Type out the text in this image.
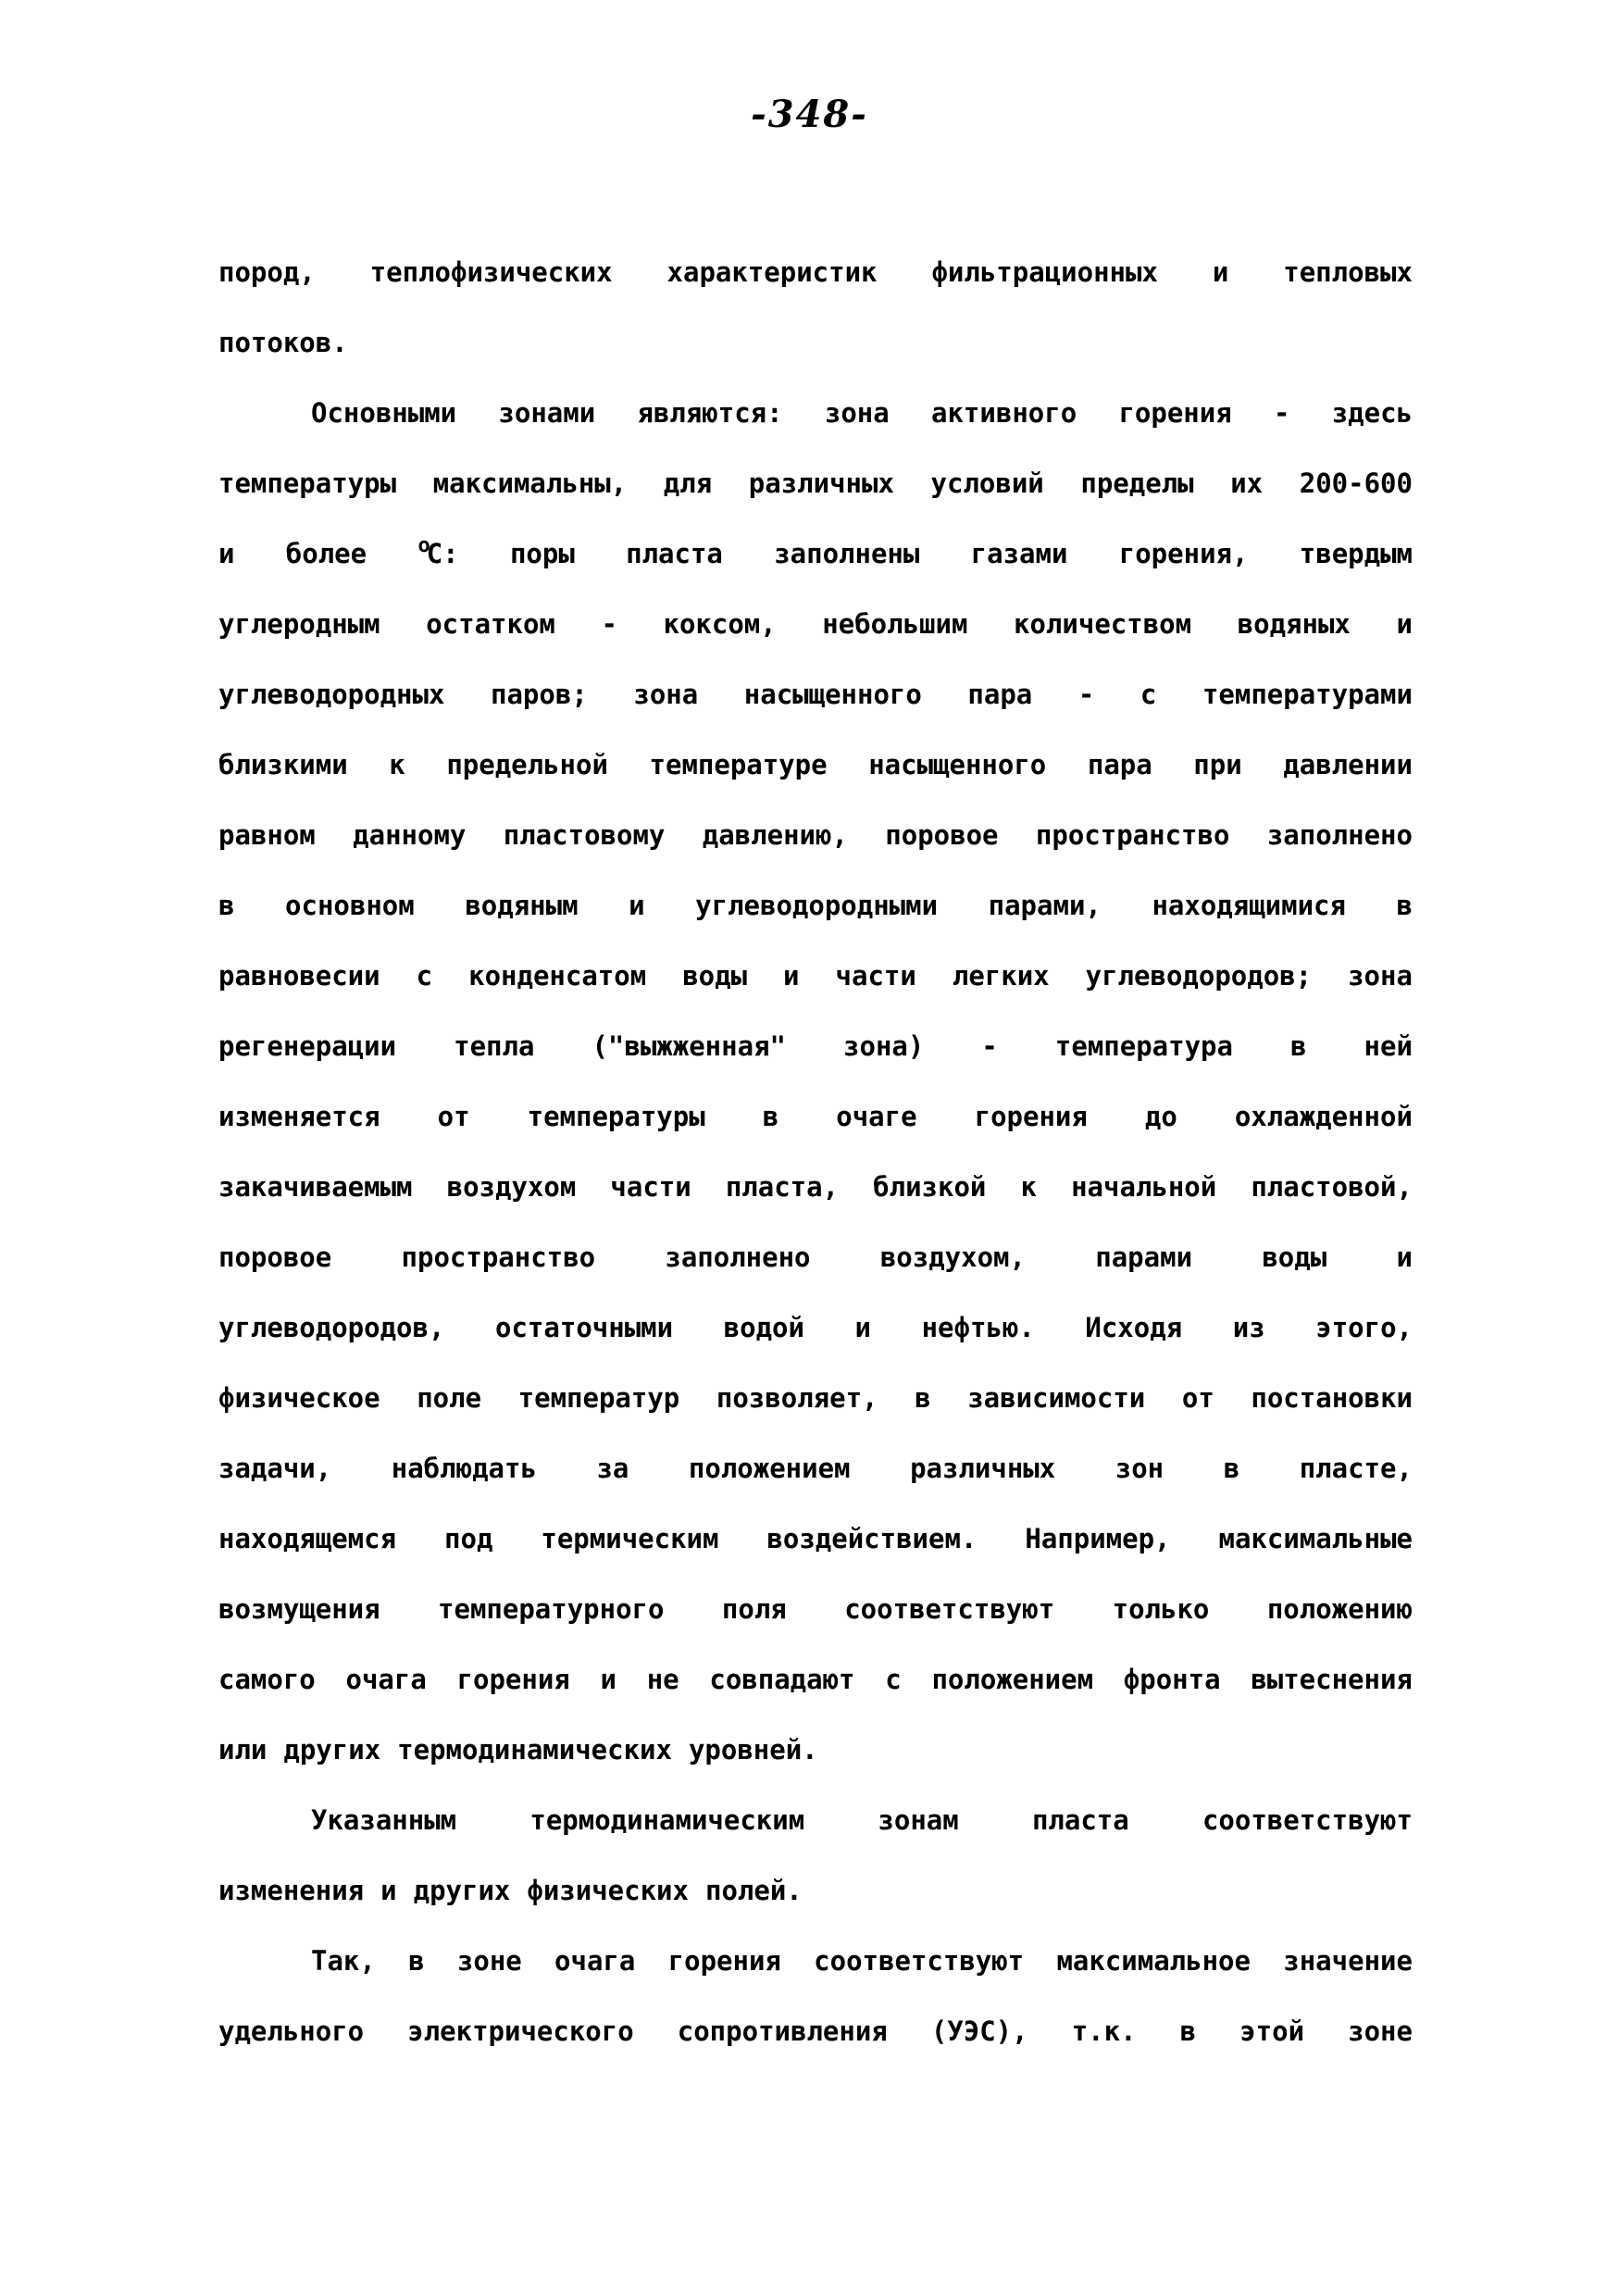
-348-
пород, теплофизических характеристик фильтрационных и тепловых
потоков.
Основными зонами являются: зона активного горения - здесь
температуры максимальны, для различных условий пределы их 200-600
и более	$^o$С: поры пласта заполнены газами горения, твердым
углеродным остатком - коксом, небольшим количеством водяных и
углеводородных паров; зона насыщенного пара - с температурами
близкими к предельной температуре насыщенного пара при давлении
равном данному пластовому давлению, поровое пространство заполнено
в основном водяным и углеводородными парами, находящимися в
равновесии с конденсатом воды и части легких углеводородов; зона
регенерации тепла ("выжженная" зона) - температура в ней
изменяется от температуры в очаге горения до охлажденной
закачиваемым воздухом части пласта, близкой к начальной пластовой,
поровое	пространство	заполнено	воздухом,	парами	воды	и
углеводородов, остаточными водой и нефтью. Исходя из этого,
физическое поле температур позволяет, в зависимости от постановки
задачи, наблюдать за положением различных зон в пласте,
находящемся под термическим воздействием. Например, максимальные
возмущения температурного поля соответствуют только положению
самого очага горения и не совпадают с положением фронта вытеснения
или других термодинамических уровней.
Указанным	термодинамическим	зонам	пласта	соответствуют
изменения и других физических полей.
Так, в зоне очага горения соответствуют максимальное значение
удельного электрического сопротивления (УЭС), т.к. в этой зоне
